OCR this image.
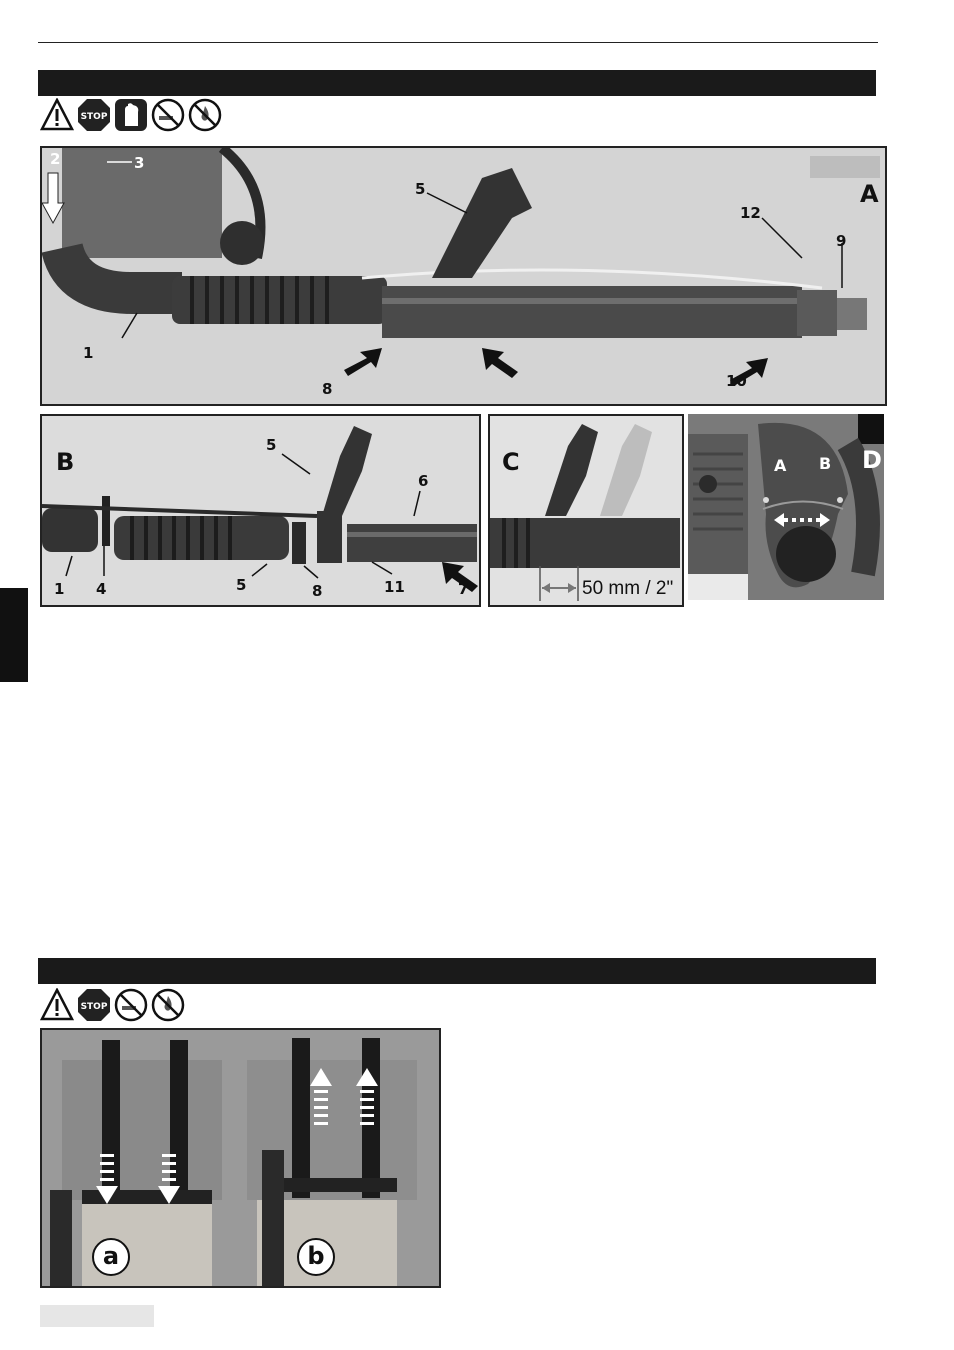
STOP
2	3
1
5
8
9
10
12
A
B
1 4	5
5
6
7
8	11
C
50 mm / 2"
A B D
STOP
a	b
